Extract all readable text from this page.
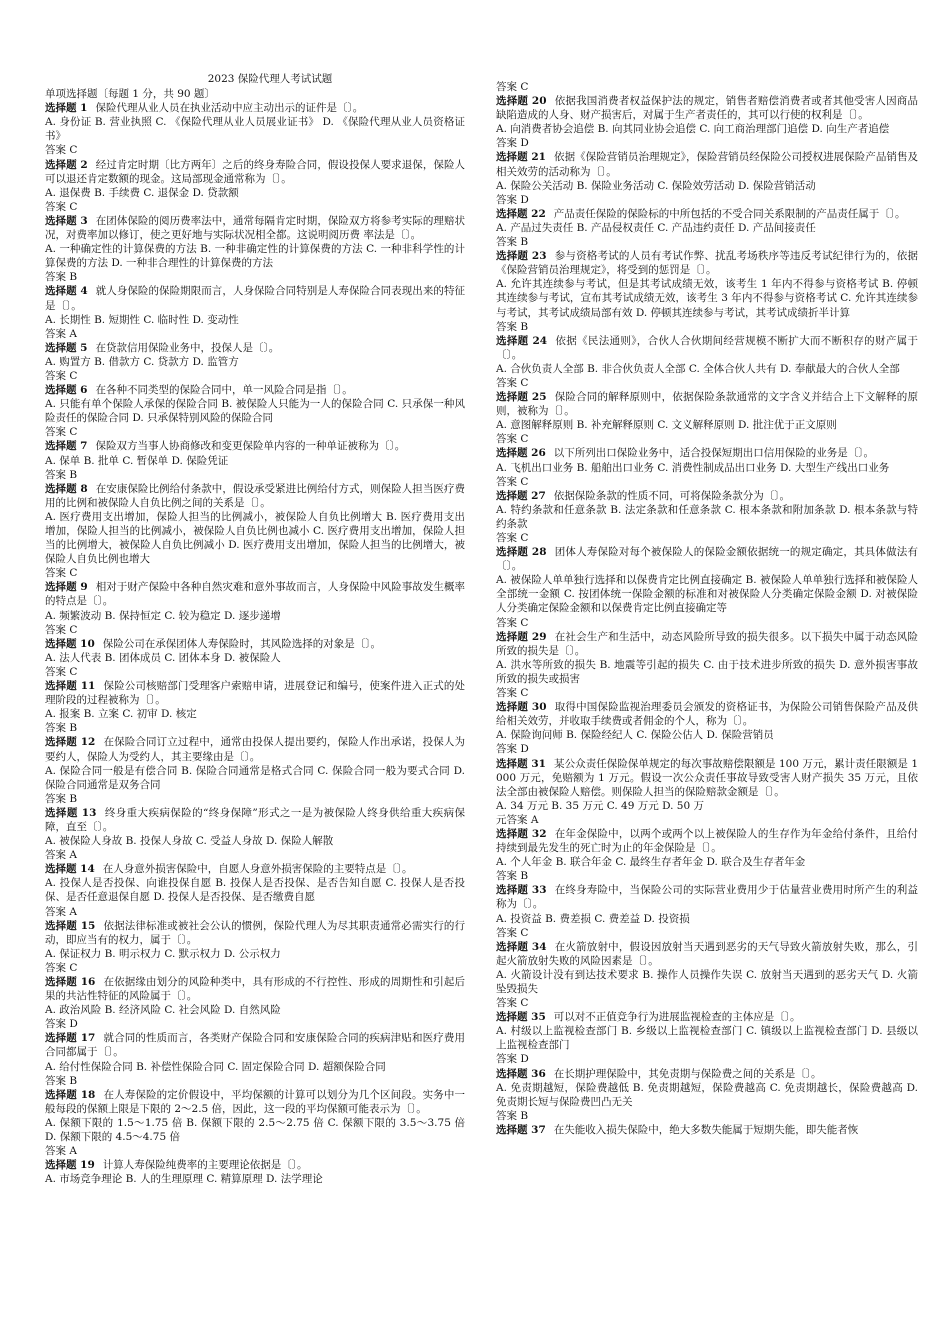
2023 保险代理人考试试题

单项选择题〔每题 1 分，共 90 题〕

选择题 1 保险代理从业人员在执业活动中应主动出示的证件是〔〕。

A. 身份证 B. 营业执照 C. 《保险代理从业人员展业证书》 D. 《保险代理从业人员资格证书》

答案 C

选择题 2 经过肯定时期〔比方两年〕之后的终身寿险合同，假设投保人要求退保，保险人可以退还肯定数额的现金。这局部现金通常称为〔〕。

A. 退保费 B. 手续费 C. 退保金 D. 贷款额

答案 C

选择题 3 在团体保险的阅历费率法中，通常每隔肯定时期，保险双方将参考实际的理赔状况，对费率加以修订，使之更好地与实际状况相全都。这说明阅历费 率法是〔〕。

A. 一种确定性的计算保费的方法 B. 一种非确定性的计算保费的方法 C. 一种非科学性的计算保费的方法 D. 一种非合理性的计算保费的方法

答案 B

选择题 4 就人身保险的保险期限而言，人身保险合同特别是人寿保险合同表现出来的特征是〔〕。

A. 长期性 B. 短期性 C. 临时性 D. 变动性

答案 A

选择题 5 在贷款信用保险业务中，投保人是〔〕。

A. 购置方 B. 借款方 C. 贷款方 D. 监管方

答案 C

选择题 6 在各种不同类型的保险合同中，单一风险合同是指〔〕。

A. 只能有单个保险人承保的保险合同 B. 被保险人只能为一人的保险合同 C. 只承保一种风险责任的保险合同 D. 只承保特别风险的保险合同

答案 C

选择题 7 保险双方当事人协商修改和变更保险单内容的一种单证被称为〔〕。

A. 保单 B. 批单 C. 暂保单 D. 保险凭证

答案 B

选择题 8 在安康保险比例给付条款中，假设承受紧进比例给付方式，则保险人担当医疗费用的比例和被保险人自负比例之间的关系是〔〕。

A. 医疗费用支出增加，保险人担当的比例减小，被保险人自负比例增大 B. 医疗费用支出增加，保险人担当的比例减小，被保险人自负比例也减小 C. 医疗费用支出增加，保险人担当的比例增大，被保险人自负比例减小 D. 医疗费用支出增加，保险人担当的比例增大，被保险人自负比例也增大

答案 C

选择题 9 相对于财产保险中各种自然灾难和意外事故而言，人身保险中风险事故发生概率的特点是〔〕。

A. 频繁波动 B. 保持恒定 C. 较为稳定 D. 逐步递增

答案 C

选择题 10 保险公司在承保团体人寿保险时，其风险选择的对象是〔〕。

A. 法人代表 B. 团体成员 C. 团体本身 D. 被保险人

答案 C

选择题 11 保险公司核赔部门受理客户索赔申请，进展登记和编号，使案件进入正式的处理阶段的过程被称为〔〕。

A. 报案 B. 立案 C. 初审 D. 核定

答案 B

选择题 12 在保险合同订立过程中，通常由投保人提出要约，保险人作出承诺，投保人为要约人，保险人为受约人，其主要缘由是〔〕。

A. 保险合同一般是有偿合同 B. 保险合同通常是格式合同 C. 保险合同一般为要式合同 D. 保险合同通常是双务合同

答案 B

选择题 13 终身重大疾病保险的“终身保障”形式之一是为被保险人终身供给重大疾病保障，直至〔〕。

A. 被保险人身故 B. 投保人身故 C. 受益人身故 D. 保险人解散

答案 A

选择题 14 在人身意外损害保险中，自愿人身意外损害保险的主要特点是〔〕。

A. 投保人是否投保、向谁投保自愿 B. 投保人是否投保、是否告知自愿 C. 投保人是否投保、是否任意退保自愿 D. 投保人是否投保、是否缴费自愿

答案 A

选择题 15 依据法律标准或被社会公认的惯例，保险代理人为尽其职责通常必需实行的行动，即应当有的权力，属于〔〕。

A. 保证权力 B. 明示权力 C. 默示权力 D. 公示权力

答案 C

选择题 16 在依据缘由划分的风险种类中，具有形成的不行控性、形成的周期性和引起后果的共沾性特征的风险属于〔〕。

A. 政治风险 B. 经济风险 C. 社会风险 D. 自然风险

答案 D

选择题 17 就合同的性质而言，各类财产保险合同和安康保险合同的疾病津贴和医疗费用合同都属于〔〕。

A. 给付性保险合同 B. 补偿性保险合同 C. 固定保险合同 D. 超额保险合同

答案 B

选择题 18 在人寿保险的定价假设中，平均保额的计算可以划分为几个区间段。实务中一般每段的保额上限是下限的 2～2.5 倍，因此，这一段的平均保额可能表示为〔〕。

A. 保额下限的 1.5～1.75 倍 B. 保额下限的 2.5～2.75 倍 C. 保额下限的 3.5～3.75 倍 D. 保额下限的 4.5～4.75 倍

答案 A

选择题 19 计算人寿保险纯费率的主要理论依据是〔〕。

A. 市场竞争理论 B. 人的生理原理 C. 精算原理 D. 法学理论

答案 C

选择题 20 依据我国消费者权益保护法的规定，销售者赔偿消费者或者其他受害人因商品缺陷造成的人身、财产损害后，对属于生产者责任的，其可以行使的权利是〔〕。

A. 向消费者协会追偿 B. 向其同业协会追偿 C. 向工商治理部门追偿 D. 向生产者追偿

答案 D

选择题 21 依据《保险营销员治理规定》，保险营销员经保险公司授权进展保险产品销售及相关效劳的活动称为〔〕。

A. 保险公关活动 B. 保险业务活动 C. 保险效劳活动 D. 保险营销活动

答案 D

选择题 22 产品责任保险的保险标的中所包括的不受合同关系限制的产品责任属于〔〕。

A. 产品过失责任 B. 产品侵权责任 C. 产品违约责任 D. 产品间接责任

答案 B

选择题 23 参与资格考试的人员有考试作弊、扰乱考场秩序等违反考试纪律行为的，依据《保险营销员治理规定》，将受到的惩罚是〔〕。

A. 允许其连续参与考试，但是其考试成绩无效，该考生 1 年内不得参与资格考试 B. 停顿其连续参与考试，宣布其考试成绩无效，该考生 3 年内不得参与资格考试 C. 允许其连续参与考试，其考试成绩局部有效 D. 停顿其连续参与考试，其考试成绩折半计算

答案 B

选择题 24 依据《民法通则》，合伙人合伙期间经营规模不断扩大而不断积存的财产属于〔〕。

A. 合伙负责人全部 B. 非合伙负责人全部 C. 全体合伙人共有 D. 奉献最大的合伙人全部

答案 C

选择题 25 保险合同的解释原则中，依据保险条款通常的文字含义并结合上下文解释的原则，被称为〔〕。

A. 意图解释原则 B. 补充解释原则 C. 文义解释原则 D. 批注优于正文原则

答案 C

选择题 26 以下所列出口保险业务中，适合投保短期出口信用保险的业务是〔〕。

A. 飞机出口业务 B. 船舶出口业务 C. 消费性制成品出口业务 D. 大型生产线出口业务

答案 C

选择题 27 依据保险条款的性质不同，可将保险条款分为〔〕。

A. 特约条款和任意条款 B. 法定条款和任意条款 C. 根本条款和附加条款 D. 根本条款与特约条款

答案 C

选择题 28 团体人寿保险对每个被保险人的保险金额依据统一的规定确定，其具体做法有〔〕。

A. 被保险人单单独行选择和以保费肯定比例直接确定 B. 被保险人单单独行选择和被保险人全部统一金额 C. 按团体统一保险金额的标准和对被保险人分类确定保险金额 D. 对被保险人分类确定保险金额和以保费肯定比例直接确定等

答案 C

选择题 29 在社会生产和生活中，动态风险所导致的损失很多。以下损失中属于动态风险所致的损失是〔〕。

A. 洪水等所致的损失 B. 地震等引起的损失 C. 由于技术进步所致的损失 D. 意外损害事故所致的损失或损害

答案 C

选择题 30 取得中国保险监视治理委员会颁发的资格证书，为保险公司销售保险产品及供给相关效劳，并收取手续费或者佣金的个人，称为〔〕。

A. 保险询问师 B. 保险经纪人 C. 保险公估人 D. 保险营销员

答案 D

选择题 31 某公众责任保险保单规定的每次事故赔偿限额是 100 万元，累计责任限额是 1000 万元，免赔额为 1 万元。假设一次公众责任事故导致受害人财产损失 35 万元，且依法全部由被保险人赔偿。则保险人担当的保险赔款金额是〔〕。

A. 34 万元 B. 35 万元 C. 49 万元 D. 50 万

元答案 A

选择题 32 在年金保险中，以两个或两个以上被保险人的生存作为年金给付条件，且给付持续到最先发生的死亡时为止的年金保险是〔〕。

A. 个人年金 B. 联合年金 C. 最终生存者年金 D. 联合及生存者年金

答案 B

选择题 33 在终身寿险中，当保险公司的实际营业费用少于估量营业费用时所产生的利益称为〔〕。

A. 投资益 B. 费差损 C. 费差益 D. 投资损

答案 C

选择题 34 在火箭放射中，假设因放射当天遇到恶劣的天气导致火箭放射失败，那么，引起火箭放射失败的风险因素是〔〕。

A. 火箭设计没有到达技术要求 B. 操作人员操作失误 C. 放射当天遇到的恶劣天气 D. 火箭坠毁损失

答案 C

选择题 35 可以对不正值竞争行为进展监视检查的主体应是〔〕。

A. 村级以上监视检查部门 B. 乡级以上监视检查部门 C. 镇级以上监视检查部门 D. 县级以上监视检查部门

答案 D

选择题 36 在长期护理保险中，其免责期与保险费之间的关系是〔〕。

A. 免责期越短，保险费越低 B. 免责期越短，保险费越高 C. 免责期越长，保险费越高 D. 免责期长短与保险费凹凸无关

答案 B

选择题 37 在失能收入损失保险中，绝大多数失能属于短期失能，即失能者恢
